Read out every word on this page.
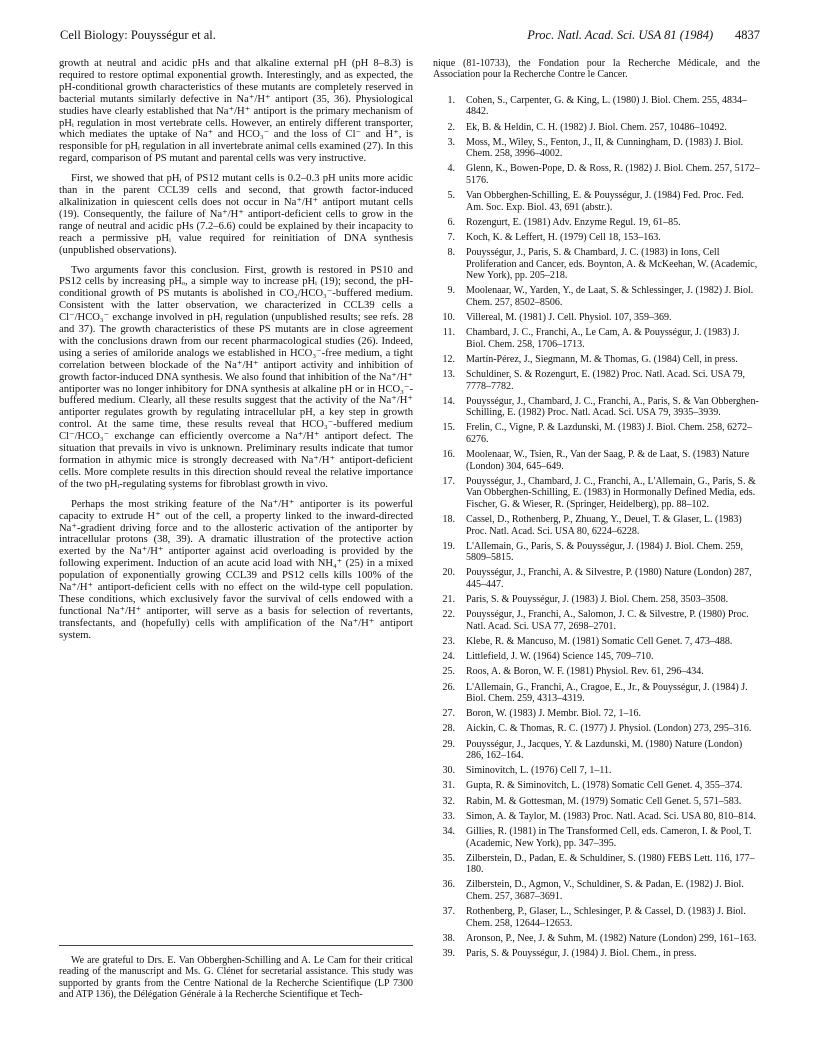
Cell Biology: Pouysségur et al.	Proc. Natl. Acad. Sci. USA 81 (1984) 4837

growth at neutral and acidic pHs and that alkaline external pH (pH 8–8.3) is required to restore optimal exponential growth. Interestingly, and as expected, the pH-conditional growth characteristics of these mutants are completely reserved in bacterial mutants similarly defective in Na⁺/H⁺ antiport (35, 36). Physiological studies have clearly established that Na⁺/H⁺ antiport is the primary mechanism of pHᵢ regulation in most vertebrate cells. However, an entirely different transporter, which mediates the uptake of Na⁺ and HCO₃⁻ and the loss of Cl⁻ and H⁺, is responsible for pHᵢ regulation in all invertebrate animal cells examined (27). In this regard, comparison of PS mutant and parental cells was very instructive.

First, we showed that pHᵢ of PS12 mutant cells is 0.2–0.3 pH units more acidic than in the parent CCL39 cells and second, that growth factor-induced alkalinization in quiescent cells does not occur in Na⁺/H⁺ antiport mutant cells (19). Consequently, the failure of Na⁺/H⁺ antiport-deficient cells to grow in the range of neutral and acidic pHs (7.2–6.6) could be explained by their incapacity to reach a permissive pHᵢ value required for reinitiation of DNA synthesis (unpublished observations).

Two arguments favor this conclusion. First, growth is restored in PS10 and PS12 cells by increasing pHₒ, a simple way to increase pHᵢ (19); second, the pH-conditional growth of PS mutants is abolished in CO₂/HCO₃⁻-buffered medium. Consistent with the latter observation, we characterized in CCL39 cells a Cl⁻/HCO₃⁻ exchange involved in pHᵢ regulation (unpublished results; see refs. 28 and 37). The growth characteristics of these PS mutants are in close agreement with the conclusions drawn from our recent pharmacological studies (26). Indeed, using a series of amiloride analogs we established in HCO₃⁻-free medium, a tight correlation between blockade of the Na⁺/H⁺ antiport activity and inhibition of growth factor-induced DNA synthesis. We also found that inhibition of the Na⁺/H⁺ antiporter was no longer inhibitory for DNA synthesis at alkaline pH or in HCO₃⁻-buffered medium. Clearly, all these results suggest that the activity of the Na⁺/H⁺ antiporter regulates growth by regulating intracellular pH, a key step in growth control. At the same time, these results reveal that HCO₃⁻-buffered medium Cl⁻/HCO₃⁻ exchange can efficiently overcome a Na⁺/H⁺ antiport defect. The situation that prevails in vivo is unknown. Preliminary results indicate that tumor formation in athymic mice is strongly decreased with Na⁺/H⁺ antiport-deficient cells. More complete results in this direction should reveal the relative importance of the two pHᵢ-regulating systems for fibroblast growth in vivo.

Perhaps the most striking feature of the Na⁺/H⁺ antiporter is its powerful capacity to extrude H⁺ out of the cell, a property linked to the inward-directed Na⁺-gradient driving force and to the allosteric activation of the antiporter by intracellular protons (38, 39). A dramatic illustration of the protective action exerted by the Na⁺/H⁺ antiporter against acid overloading is provided by the following experiment. Induction of an acute acid load with NH₄⁺ (25) in a mixed population of exponentially growing CCL39 and PS12 cells kills 100% of the Na⁺/H⁺ antiport-deficient cells with no effect on the wild-type cell population. These conditions, which exclusively favor the survival of cells endowed with a functional Na⁺/H⁺ antiporter, will serve as a basis for selection of revertants, transfectants, and (hopefully) cells with amplification of the Na⁺/H⁺ antiport system.

We are grateful to Drs. E. Van Obberghen-Schilling and A. Le Cam for their critical reading of the manuscript and Ms. G. Clénet for secretarial assistance. This study was supported by grants from the Centre National de la Recherche Scientifique (LP 7300 and ATP 136), the Délégation Générale à la Recherche Scientifique et Tech-

nique (81-10733), the Fondation pour la Recherche Médicale, and the Association pour la Recherche Contre le Cancer.

1. Cohen, S., Carpenter, G. & King, L. (1980) J. Biol. Chem. 255, 4834–4842.
2. Ek, B. & Heldin, C. H. (1982) J. Biol. Chem. 257, 10486–10492.
3. Moss, M., Wiley, S., Fenton, J., II, & Cunningham, D. (1983) J. Biol. Chem. 258, 3996–4002.
4. Glenn, K., Bowen-Pope, D. & Ross, R. (1982) J. Biol. Chem. 257, 5172–5176.
5. Van Obberghen-Schilling, E. & Pouysségur, J. (1984) Fed. Proc. Fed. Am. Soc. Exp. Biol. 43, 691 (abstr.).
6. Rozengurt, E. (1981) Adv. Enzyme Regul. 19, 61–85.
7. Koch, K. & Leffert, H. (1979) Cell 18, 153–163.
8. Pouysségur, J., Paris, S. & Chambard, J. C. (1983) in Ions, Cell Proliferation and Cancer, eds. Boynton, A. & McKeehan, W. (Academic, New York), pp. 205–218.
9. Moolenaar, W., Yarden, Y., de Laat, S. & Schlessinger, J. (1982) J. Biol. Chem. 257, 8502–8506.
10. Villereal, M. (1981) J. Cell. Physiol. 107, 359–369.
11. Chambard, J. C., Franchi, A., Le Cam, A. & Pouysségur, J. (1983) J. Biol. Chem. 258, 1706–1713.
12. Martín-Pérez, J., Siegmann, M. & Thomas, G. (1984) Cell, in press.
13. Schuldiner, S. & Rozengurt, E. (1982) Proc. Natl. Acad. Sci. USA 79, 7778–7782.
14. Pouysségur, J., Chambard, J. C., Franchi, A., Paris, S. & Van Obberghen-Schilling, E. (1982) Proc. Natl. Acad. Sci. USA 79, 3935–3939.
15. Frelin, C., Vigne, P. & Lazdunski, M. (1983) J. Biol. Chem. 258, 6272–6276.
16. Moolenaar, W., Tsien, R., Van der Saag, P. & de Laat, S. (1983) Nature (London) 304, 645–649.
17. Pouysségur, J., Chambard, J. C., Franchi, A., L'Allemain, G., Paris, S. & Van Obberghen-Schilling, E. (1983) in Hormonally Defined Media, eds. Fischer, G. & Wieser, R. (Springer, Heidelberg), pp. 88–102.
18. Cassel, D., Rothenberg, P., Zhuang, Y., Deuel, T. & Glaser, L. (1983) Proc. Natl. Acad. Sci. USA 80, 6224–6228.
19. L'Allemain, G., Paris, S. & Pouysségur, J. (1984) J. Biol. Chem. 259, 5809–5815.
20. Pouysségur, J., Franchi, A. & Silvestre, P. (1980) Nature (London) 287, 445–447.
21. Paris, S. & Pouysségur, J. (1983) J. Biol. Chem. 258, 3503–3508.
22. Pouysségur, J., Franchi, A., Salomon, J. C. & Silvestre, P. (1980) Proc. Natl. Acad. Sci. USA 77, 2698–2701.
23. Klebe, R. & Mancuso, M. (1981) Somatic Cell Genet. 7, 473–488.
24. Littlefield, J. W. (1964) Science 145, 709–710.
25. Roos, A. & Boron, W. F. (1981) Physiol. Rev. 61, 296–434.
26. L'Allemain, G., Franchi, A., Cragoe, E., Jr., & Pouysségur, J. (1984) J. Biol. Chem. 259, 4313–4319.
27. Boron, W. (1983) J. Membr. Biol. 72, 1–16.
28. Aickin, C. & Thomas, R. C. (1977) J. Physiol. (London) 273, 295–316.
29. Pouysségur, J., Jacques, Y. & Lazdunski, M. (1980) Nature (London) 286, 162–164.
30. Siminovitch, L. (1976) Cell 7, 1–11.
31. Gupta, R. & Siminovitch, L. (1978) Somatic Cell Genet. 4, 355–374.
32. Rabin, M. & Gottesman, M. (1979) Somatic Cell Genet. 5, 571–583.
33. Simon, A. & Taylor, M. (1983) Proc. Natl. Acad. Sci. USA 80, 810–814.
34. Gillies, R. (1981) in The Transformed Cell, eds. Cameron, I. & Pool, T. (Academic, New York), pp. 347–395.
35. Zilberstein, D., Padan, E. & Schuldiner, S. (1980) FEBS Lett. 116, 177–180.
36. Zilberstein, D., Agmon, V., Schuldiner, S. & Padan, E. (1982) J. Biol. Chem. 257, 3687–3691.
37. Rothenberg, P., Glaser, L., Schlesinger, P. & Cassel, D. (1983) J. Biol. Chem. 258, 12644–12653.
38. Aronson, P., Nee, J. & Suhm, M. (1982) Nature (London) 299, 161–163.
39. Paris, S. & Pouysségur, J. (1984) J. Biol. Chem., in press.
